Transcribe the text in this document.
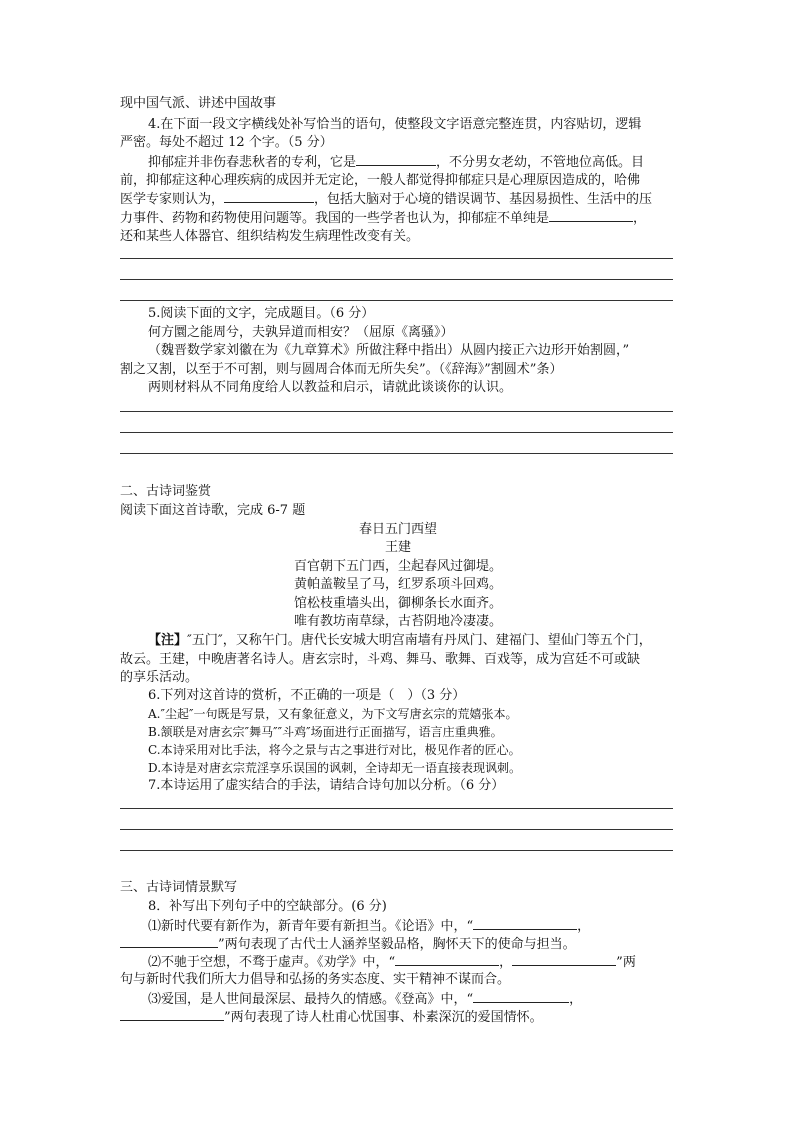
现中国气派、讲述中国故事
4.在下面一段文字横线处补写恰当的语句，使整段文字语意完整连贯，内容贴切，逻辑
严密。每处不超过 12 个字。（5 分）
抑郁症并非伤春悲秋者的专利，它是	，不分男女老幼，不管地位高低。目
前，抑郁症这种心理疾病的成因并无定论，一般人都觉得抑郁症只是心理原因造成的，哈佛
医学专家则认为，	，包括大脑对于心境的错误调节、基因易损性、生活中的压
力事件、药物和药物使用问题等。我国的一些学者也认为，抑郁症不单纯是	，
还和某些人体器官、组织结构发生病理性改变有关。
5.阅读下面的文字，完成题目。（6 分）
何方圜之能周兮，夫孰异道而相安？（屈原《离骚》）
（魏晋数学家刘徽在为《九章算术》所做注释中指出）从圆内接正六边形开始割圆，”
割之又割，以至于不可割，则与圆周合体而无所失矣”。（《辞海》”割圆术”条）
两则材料从不同角度给人以教益和启示，请就此谈谈你的认识。
二、古诗词鉴赏
阅读下面这首诗歌，完成 6-7 题
春日五门西望
王建
百官朝下五门西，尘起春风过御堤。
黄帕盖鞍呈了马，红罗系项斗回鸡。
馆松枝重墙头出，御柳条长水面齐。
唯有教坊南草绿，古苔阴地冷凄凄。
【注】″五门″，又称午门。唐代长安城大明宫南墙有丹凤门、建福门、望仙门等五个门，
故云。王建，中晚唐著名诗人。唐玄宗时，斗鸡、舞马、歌舞、百戏等，成为宫廷不可或缺
的享乐活动。
6.下列对这首诗的赏析，不正确的一项是（　）（3 分）
A.″尘起″一句既是写景，又有象征意义，为下文写唐玄宗的荒嬉张本。
B.颔联是对唐玄宗″舞马″″斗鸡″场面进行正面描写，语言庄重典雅。
C.本诗采用对比手法，将今之景与古之事进行对比，极见作者的匠心。
D.本诗是对唐玄宗荒淫享乐误国的讽刺，全诗却无一语直接表现讽刺。
7.本诗运用了虚实结合的手法，请结合诗句加以分析。（6 分）
三、古诗词情景默写
8．补写出下列句子中的空缺部分。(6 分)
⑴新时代要有新作为，新青年要有新担当。《论语》中，“	，
”两句表现了古代士人涵养坚毅品格，胸怀天下的使命与担当。
⑵不驰于空想，不骛于虚声。《劝学》中，“	，	”两
句与新时代我们所大力倡导和弘扬的务实态度、实干精神不谋而合。
⑶爱国，是人世间最深层、最持久的情感。《登高》中，“	，
”两句表现了诗人杜甫心忧国事、朴素深沉的爱国情怀。
